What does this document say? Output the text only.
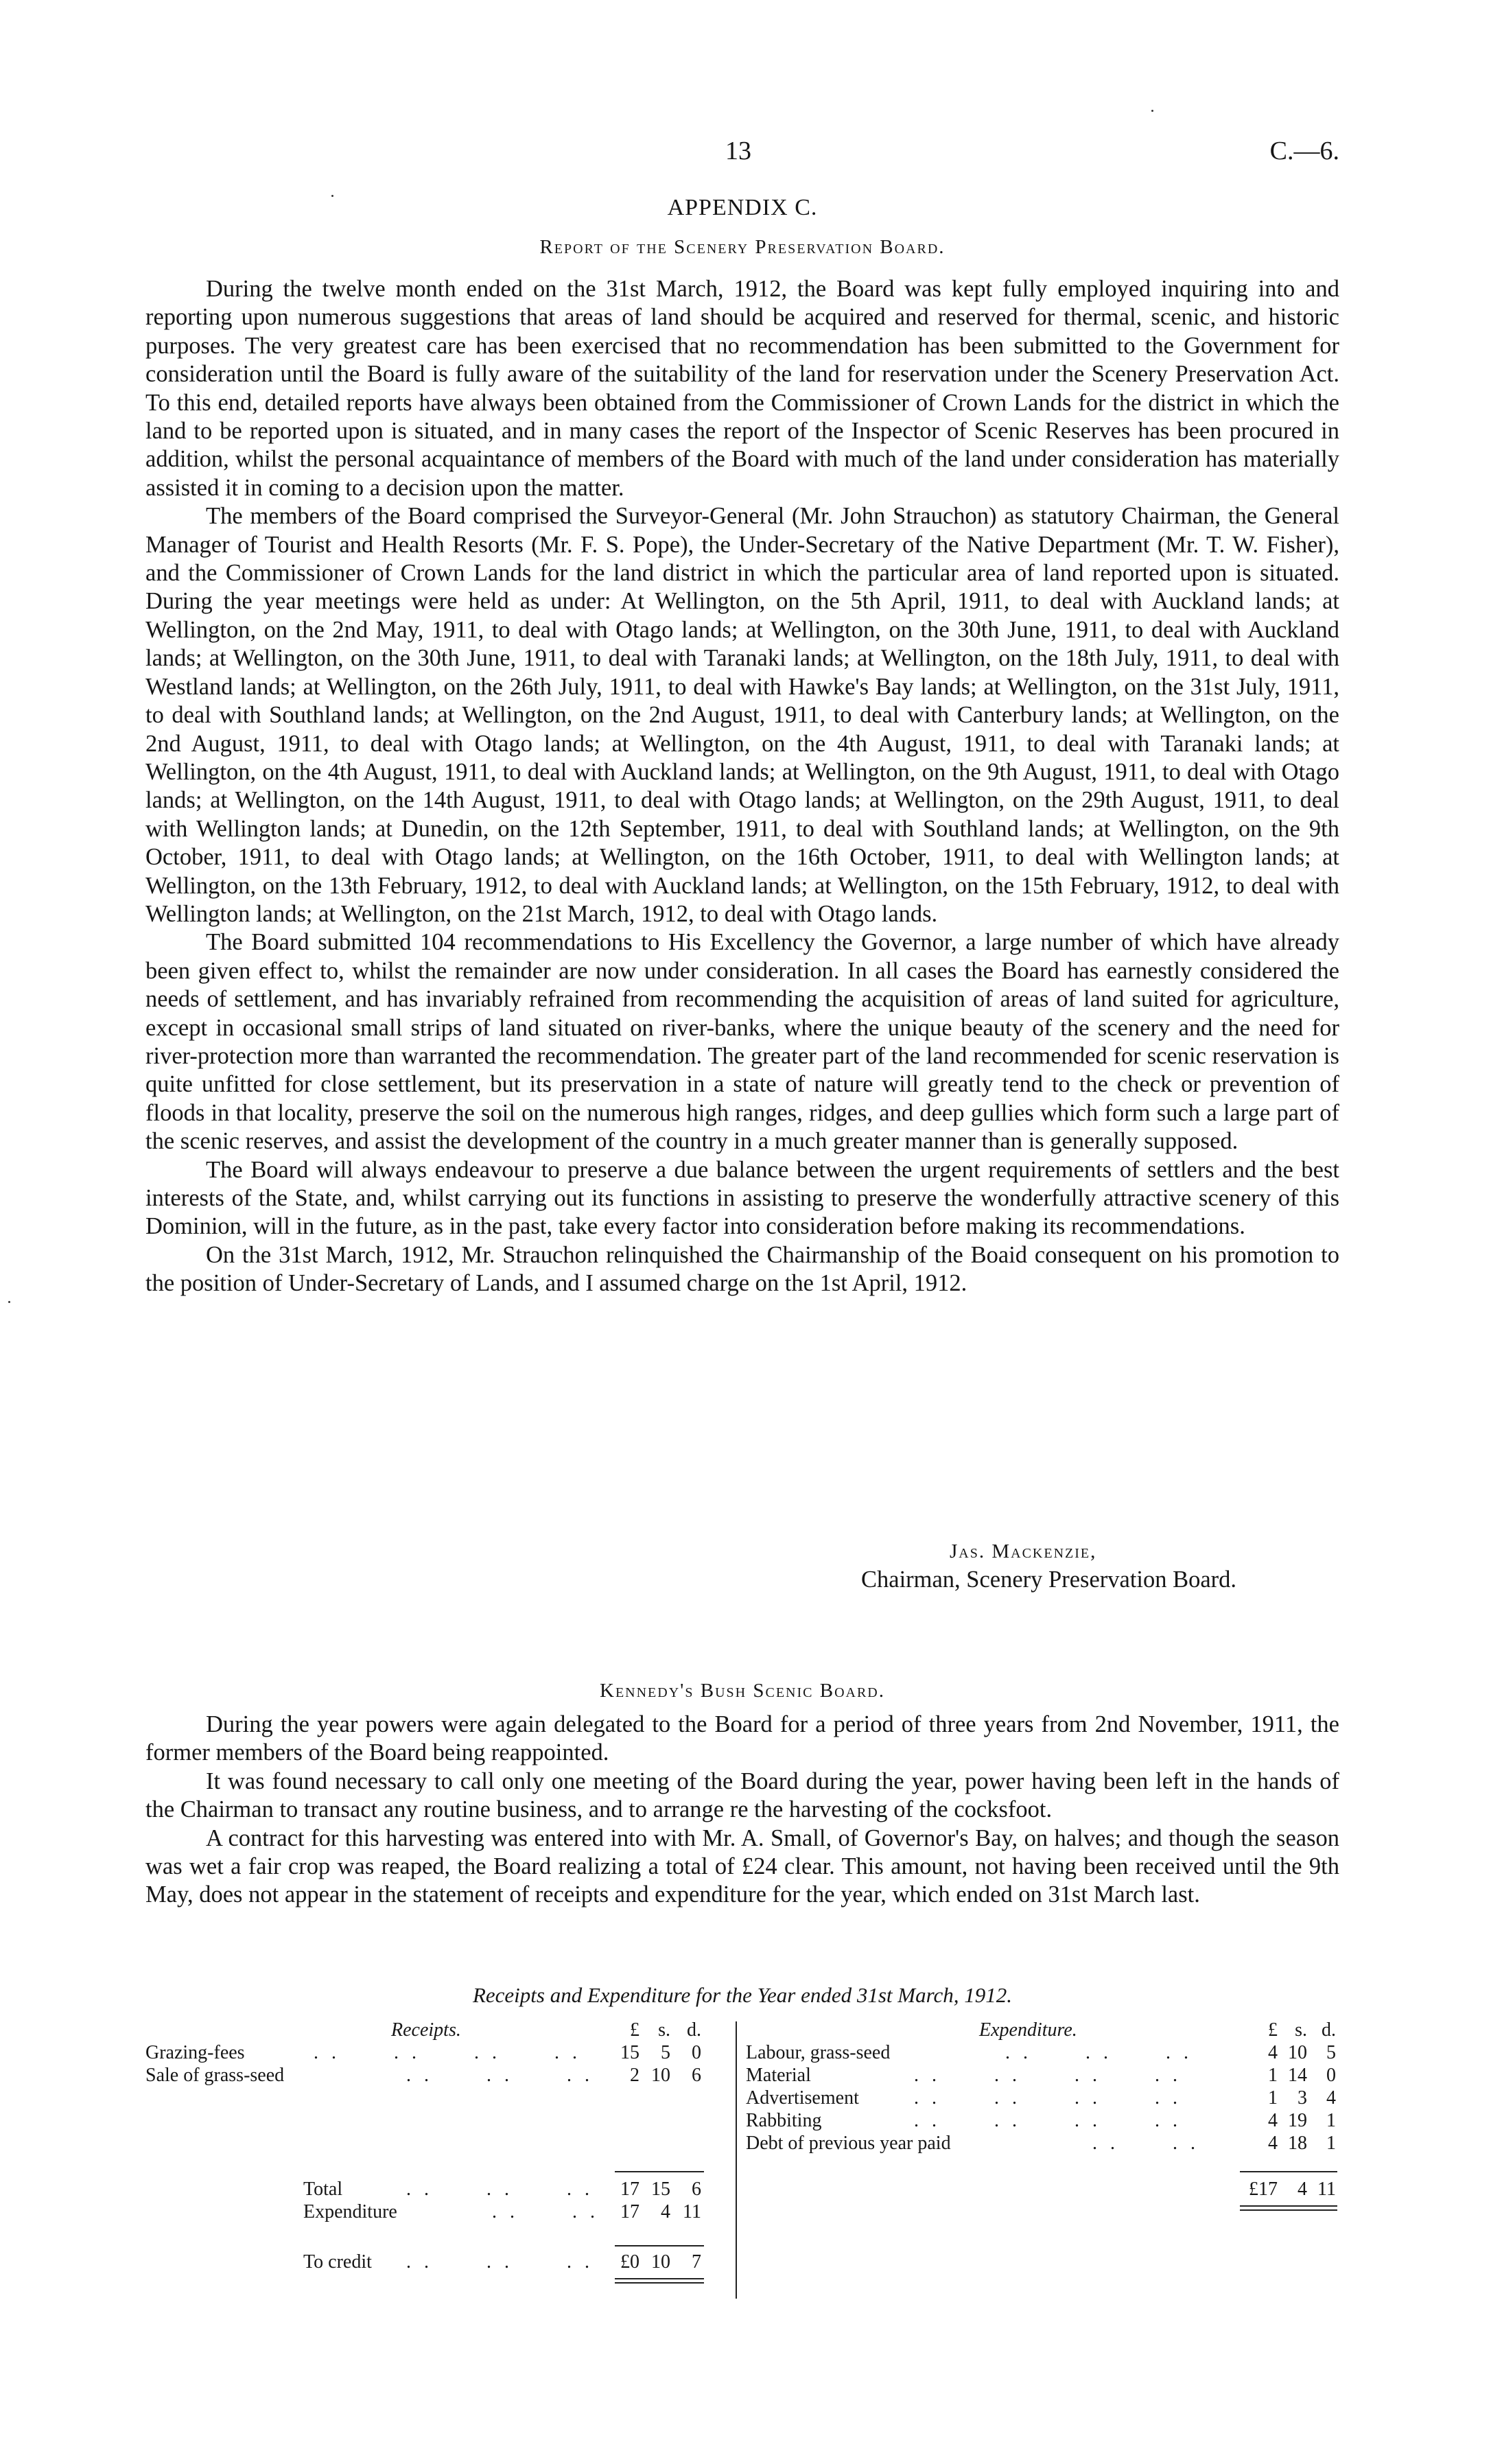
13	C.—6.
APPENDIX C.
Report of the Scenery Preservation Board.

During the twelve month ended on the 31st March, 1912, the Board was kept fully employed inquiring into and reporting upon numerous suggestions that areas of land should be acquired and reserved for thermal, scenic, and historic purposes. The very greatest care has been exercised that no recommendation has been submitted to the Government for consideration until the Board is fully aware of the suitability of the land for reservation under the Scenery Preservation Act. To this end, detailed reports have always been obtained from the Commissioner of Crown Lands for the district in which the land to be reported upon is situated, and in many cases the report of the Inspector of Scenic Reserves has been procured in addition, whilst the personal acquaintance of members of the Board with much of the land under consideration has materially assisted it in coming to a decision upon the matter.

The members of the Board comprised the Surveyor-General (Mr. John Strauchon) as statutory Chairman, the General Manager of Tourist and Health Resorts (Mr. F. S. Pope), the Under-Secretary of the Native Department (Mr. T. W. Fisher), and the Commissioner of Crown Lands for the land district in which the particular area of land reported upon is situated. During the year meetings were held as under: At Wellington, on the 5th April, 1911, to deal with Auckland lands; at Wellington, on the 2nd May, 1911, to deal with Otago lands; at Wellington, on the 30th June, 1911, to deal with Auckland lands; at Wellington, on the 30th June, 1911, to deal with Taranaki lands; at Wellington, on the 18th July, 1911, to deal with Westland lands; at Wellington, on the 26th July, 1911, to deal with Hawke's Bay lands; at Wellington, on the 31st July, 1911, to deal with Southland lands; at Wellington, on the 2nd August, 1911, to deal with Canterbury lands; at Wellington, on the 2nd August, 1911, to deal with Otago lands; at Wellington, on the 4th August, 1911, to deal with Taranaki lands; at Wellington, on the 4th August, 1911, to deal with Auckland lands; at Wellington, on the 9th August, 1911, to deal with Otago lands; at Wellington, on the 14th August, 1911, to deal with Otago lands; at Wellington, on the 29th August, 1911, to deal with Wellington lands; at Dunedin, on the 12th September, 1911, to deal with Southland lands; at Wellington, on the 9th October, 1911, to deal with Otago lands; at Wellington, on the 16th October, 1911, to deal with Wellington lands; at Wellington, on the 13th February, 1912, to deal with Auckland lands; at Wellington, on the 15th February, 1912, to deal with Wellington lands; at Wellington, on the 21st March, 1912, to deal with Otago lands.

The Board submitted 104 recommendations to His Excellency the Governor, a large number of which have already been given effect to, whilst the remainder are now under consideration. In all cases the Board has earnestly considered the needs of settlement, and has invariably refrained from recommending the acquisition of areas of land suited for agriculture, except in occasional small strips of land situated on river-banks, where the unique beauty of the scenery and the need for river-protection more than warranted the recommendation. The greater part of the land recommended for scenic reservation is quite unfitted for close settlement, but its preservation in a state of nature will greatly tend to the check or prevention of floods in that locality, preserve the soil on the numerous high ranges, ridges, and deep gullies which form such a large part of the scenic reserves, and assist the development of the country in a much greater manner than is generally supposed.

The Board will always endeavour to preserve a due balance between the urgent requirements of settlers and the best interests of the State, and, whilst carrying out its functions in assisting to preserve the wonderfully attractive scenery of this Dominion, will in the future, as in the past, take every factor into consideration before making its recommendations.

On the 31st March, 1912, Mr. Strauchon relinquished the Chairmanship of the Boaid consequent on his promotion to the position of Under-Secretary of Lands, and I assumed charge on the 1st April, 1912.

Jas. Mackenzie,
Chairman, Scenery Preservation Board.
Kennedy's Bush Scenic Board.

During the year powers were again delegated to the Board for a period of three years from 2nd November, 1911, the former members of the Board being reappointed.

It was found necessary to call only one meeting of the Board during the year, power having been left in the hands of the Chairman to transact any routine business, and to arrange re the harvesting of the cocksfoot.

A contract for this harvesting was entered into with Mr. A. Small, of Governor's Bay, on halves; and though the season was wet a fair crop was reaped, the Board realizing a total of £24 clear. This amount, not having been received until the 9th May, does not appear in the statement of receipts and expenditure for the year, which ended on 31st March last.

Receipts and Expenditure for the Year ended 31st March, 1912.
Receipts.	£ s. d.
Grazing-fees	. .      . .      . .      . .	15	5	0
Sale of grass-seed	. .      . .      . .	2 10	6
Total	. .      . .      . .	17 15	6
Expenditure	. .      . .	17	4 11
To credit . .      . .      . .	£0 10	7
Expenditure.	£ s. d.
Labour, grass-seed	. .      . .      . .	4 10	5
Material	. .      . .      . .      . .	1 14	0
Advertisement	. .      . .      . .      . .	1	3	4
Rabbiting	. .      . .      . .      . .	4 19	1
Debt of previous year paid	. .      . .	4 18	1
£17	4 11
